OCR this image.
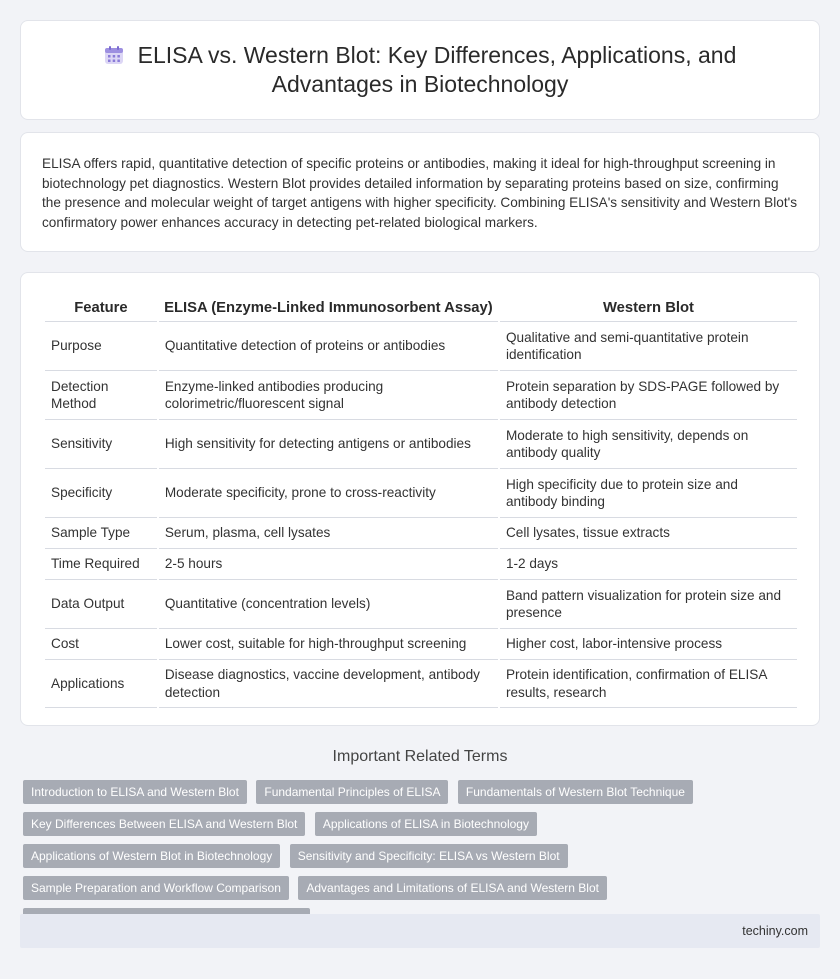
ELISA vs. Western Blot: Key Differences, Applications, and Advantages in Biotechnology

ELISA offers rapid, quantitative detection of specific proteins or antibodies, making it ideal for high-throughput screening in biotechnology pet diagnostics. Western Blot provides detailed information by separating proteins based on size, confirming the presence and molecular weight of target antigens with higher specificity. Combining ELISA's sensitivity and Western Blot's confirmatory power enhances accuracy in detecting pet-related biological markers.

Feature	ELISA (Enzyme-Linked Immunosorbent Assay)	Western Blot
Purpose	Quantitative detection of proteins or antibodies	Qualitative and semi-quantitative protein identification
Detection Method	Enzyme-linked antibodies producing colorimetric/fluorescent signal	Protein separation by SDS-PAGE followed by antibody detection
Sensitivity	High sensitivity for detecting antigens or antibodies	Moderate to high sensitivity, depends on antibody quality
Specificity	Moderate specificity, prone to cross-reactivity	High specificity due to protein size and antibody binding
Sample Type	Serum, plasma, cell lysates	Cell lysates, tissue extracts
Time Required	2-5 hours	1-2 days
Data Output	Quantitative (concentration levels)	Band pattern visualization for protein size and presence
Cost	Lower cost, suitable for high-throughput screening	Higher cost, labor-intensive process
Applications	Disease diagnostics, vaccine development, antibody detection	Protein identification, confirmation of ELISA results, research
Important Related Terms
Introduction to ELISA and Western Blot Fundamental Principles of ELISA Fundamentals of Western Blot Technique Key Differences Between ELISA and Western Blot Applications of ELISA in Biotechnology Applications of Western Blot in Biotechnology Sensitivity and Specificity: ELISA vs Western Blot Sample Preparation and Workflow Comparison Advantages and Limitations of ELISA and Western Blot
techiny.com
